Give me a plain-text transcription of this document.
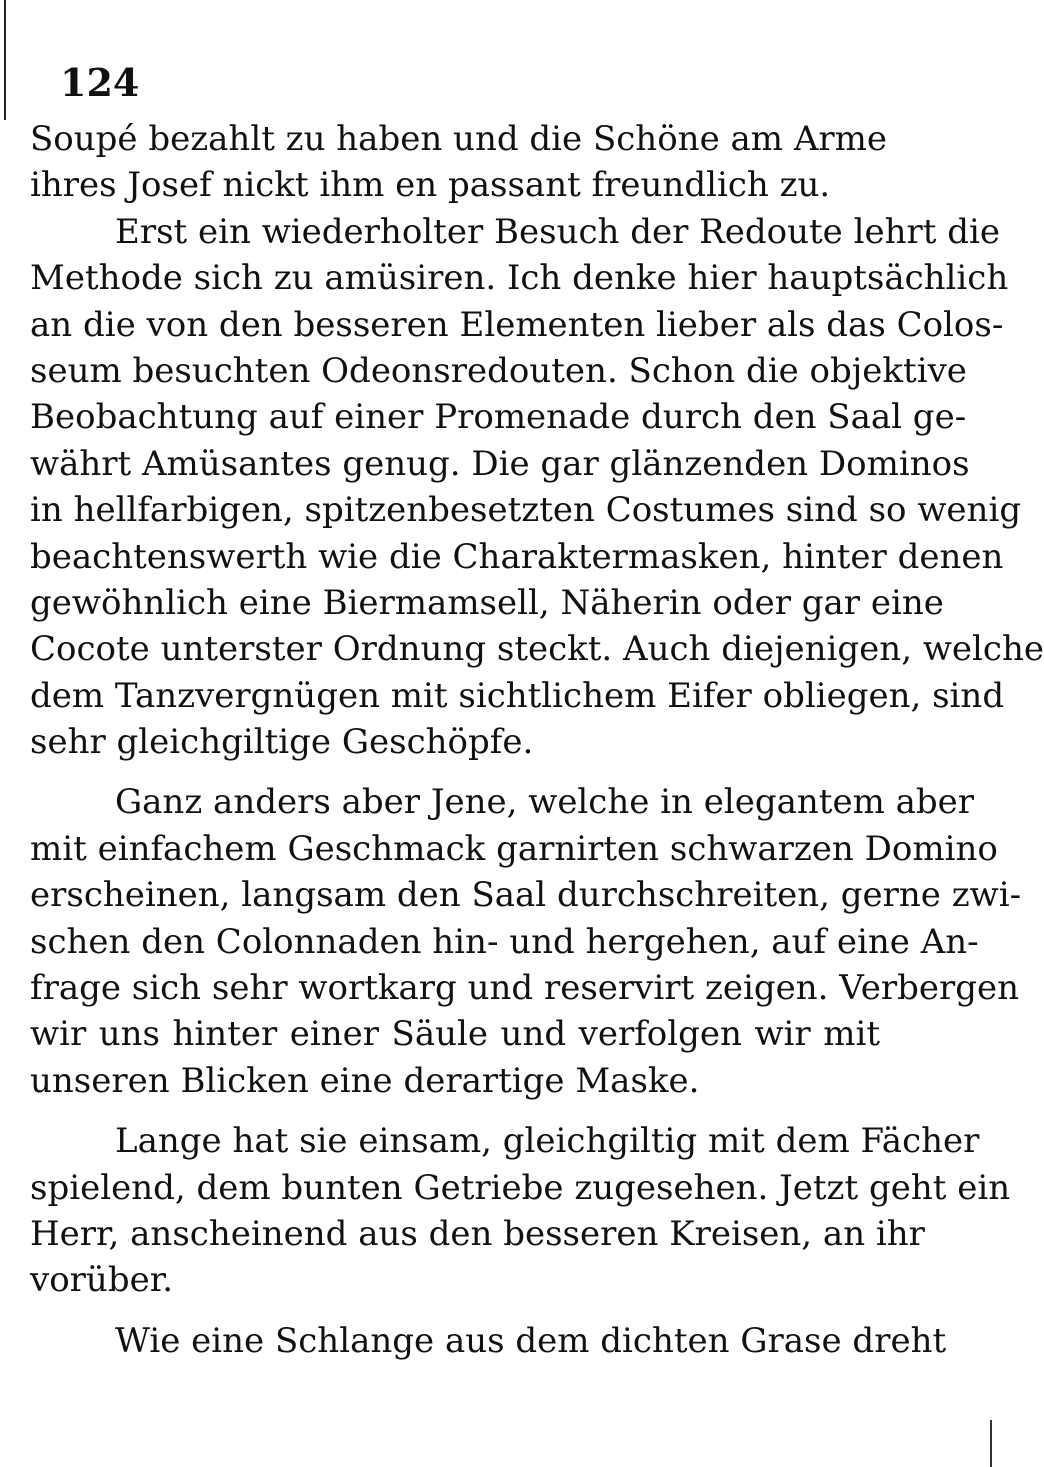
124
Soupé bezahlt zu haben und die Schöne am Arme
ihres Josef nickt ihm en passant freundlich zu.
Erst ein wiederholter Besuch der Redoute lehrt die
Methode sich zu amüsiren. Ich denke hier hauptsächlich
an die von den besseren Elementen lieber als das Colos-
seum besuchten Odeonsredouten. Schon die objektive
Beobachtung auf einer Promenade durch den Saal ge-
währt Amüsantes genug. Die gar glänzenden Dominos
in hellfarbigen, spitzenbesetzten Costumes sind so wenig
beachtenswerth wie die Charaktermasken, hinter denen
gewöhnlich eine Biermamsell, Näherin oder gar eine
Cocote unterster Ordnung steckt. Auch diejenigen, welche
dem Tanzvergnügen mit sichtlichem Eifer obliegen, sind
sehr gleichgiltige Geschöpfe.
Ganz anders aber Jene, welche in elegantem aber
mit einfachem Geschmack garnirten schwarzen Domino
erscheinen, langsam den Saal durchschreiten, gerne zwi-
schen den Colonnaden hin- und hergehen, auf eine An-
frage sich sehr wortkarg und reservirt zeigen. Verbergen
wir uns hinter einer Säule und verfolgen wir mit
unseren Blicken eine derartige Maske.
Lange hat sie einsam, gleichgiltig mit dem Fächer
spielend, dem bunten Getriebe zugesehen. Jetzt geht ein
Herr, anscheinend aus den besseren Kreisen, an ihr
vorüber.
Wie eine Schlange aus dem dichten Grase dreht
